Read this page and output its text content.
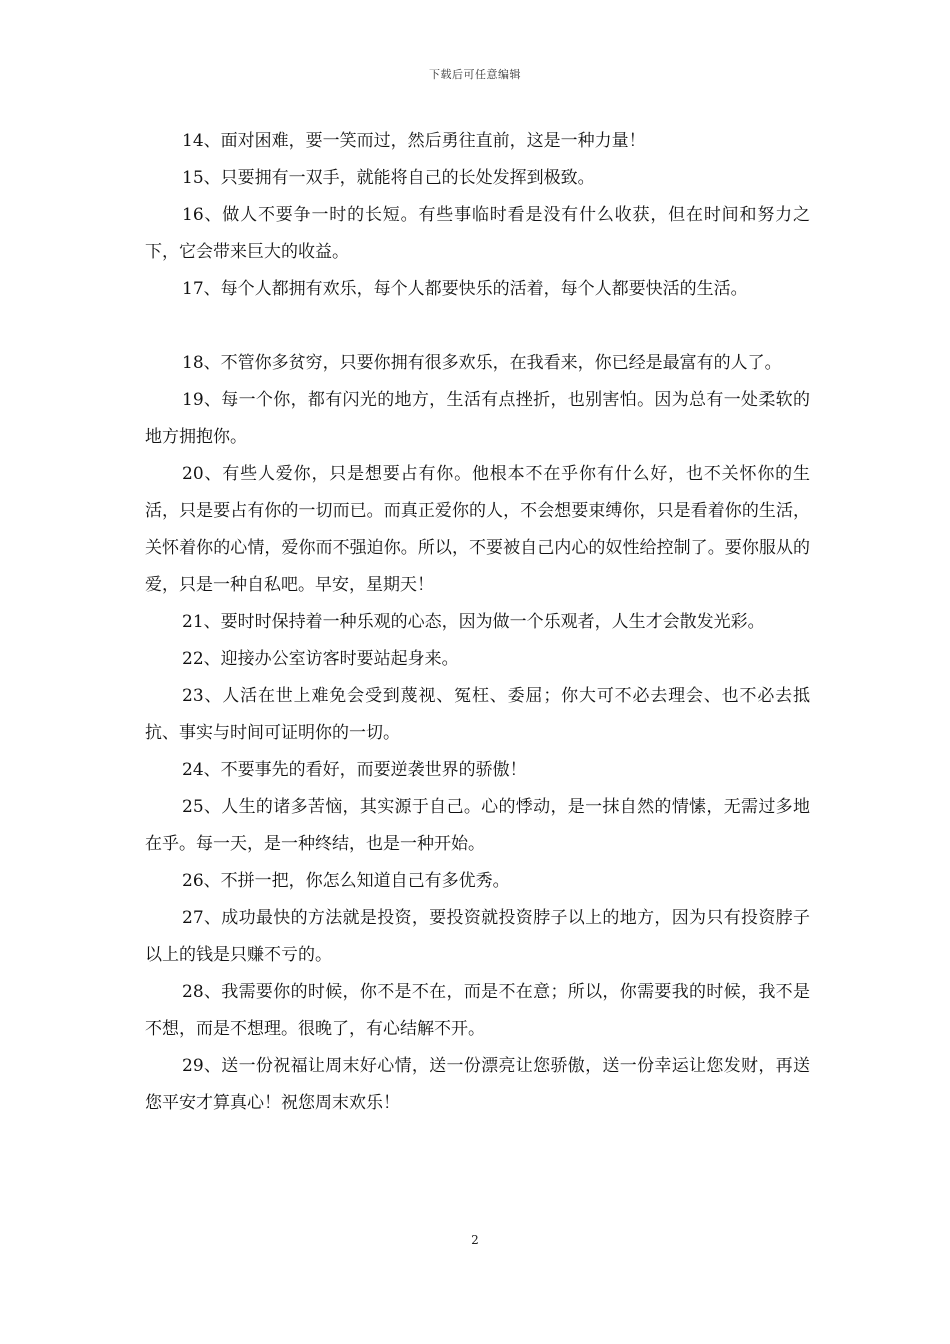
下载后可任意编辑

14、面对困难，要一笑而过，然后勇往直前，这是一种力量！

15、只要拥有一双手，就能将自己的长处发挥到极致。

16、做人不要争一时的长短。有些事临时看是没有什么收获，但在时间和努力之下，它会带来巨大的收益。

17、每个人都拥有欢乐，每个人都要快乐的活着，每个人都要快活的生活。

18、不管你多贫穷，只要你拥有很多欢乐，在我看来，你已经是最富有的人了。

19、每一个你，都有闪光的地方，生活有点挫折，也别害怕。因为总有一处柔软的地方拥抱你。

20、有些人爱你，只是想要占有你。他根本不在乎你有什么好，也不关怀你的生活，只是要占有你的一切而已。而真正爱你的人，不会想要束缚你，只是看着你的生活，关怀着你的心情，爱你而不强迫你。所以，不要被自己内心的奴性给控制了。要你服从的爱，只是一种自私吧。早安，星期天！

21、要时时保持着一种乐观的心态，因为做一个乐观者，人生才会散发光彩。

22、迎接办公室访客时要站起身来。

23、人活在世上难免会受到蔑视、冤枉、委屈；你大可不必去理会、也不必去抵抗、事实与时间可证明你的一切。

24、不要事先的看好，而要逆袭世界的骄傲！

25、人生的诸多苦恼，其实源于自己。心的悸动，是一抹自然的情愫，无需过多地在乎。每一天，是一种终结，也是一种开始。

26、不拼一把，你怎么知道自己有多优秀。

27、成功最快的方法就是投资，要投资就投资脖子以上的地方，因为只有投资脖子以上的钱是只赚不亏的。

28、我需要你的时候，你不是不在，而是不在意；所以，你需要我的时候，我不是不想，而是不想理。很晚了，有心结解不开。

29、送一份祝福让周末好心情，送一份漂亮让您骄傲，送一份幸运让您发财，再送您平安才算真心！祝您周末欢乐！

2
